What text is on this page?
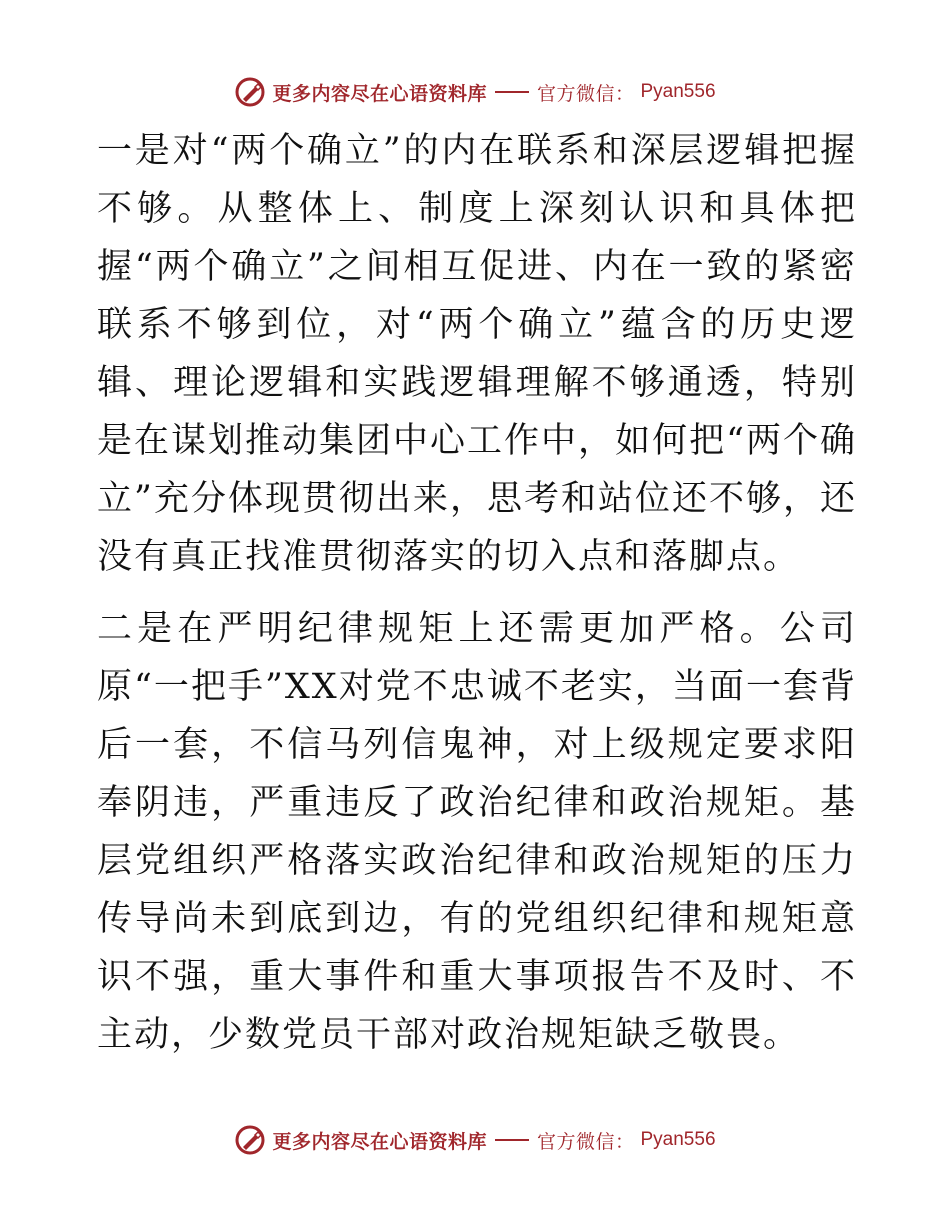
更多内容尽在心语资料库	官方微信： Pyan556

一是对“两个确立”的内在联系和深层逻辑把握不够。从整体上、制度上深刻认识和具体把握“两个确立”之间相互促进、内在一致的紧密联系不够到位，对“两个确立”蕴含的历史逻辑、理论逻辑和实践逻辑理解不够通透，特别是在谋划推动集团中心工作中，如何把“两个确立”充分体现贯彻出来，思考和站位还不够，还没有真正找准贯彻落实的切入点和落脚点。

二是在严明纪律规矩上还需更加严格。公司原“一把手”XX对党不忠诚不老实，当面一套背后一套，不信马列信鬼神，对上级规定要求阳奉阴违，严重违反了政治纪律和政治规矩。基层党组织严格落实政治纪律和政治规矩的压力传导尚未到底到边，有的党组织纪律和规矩意识不强，重大事件和重大事项报告不及时、不主动，少数党员干部对政治规矩缺乏敬畏。

更多内容尽在心语资料库	官方微信： Pyan556
